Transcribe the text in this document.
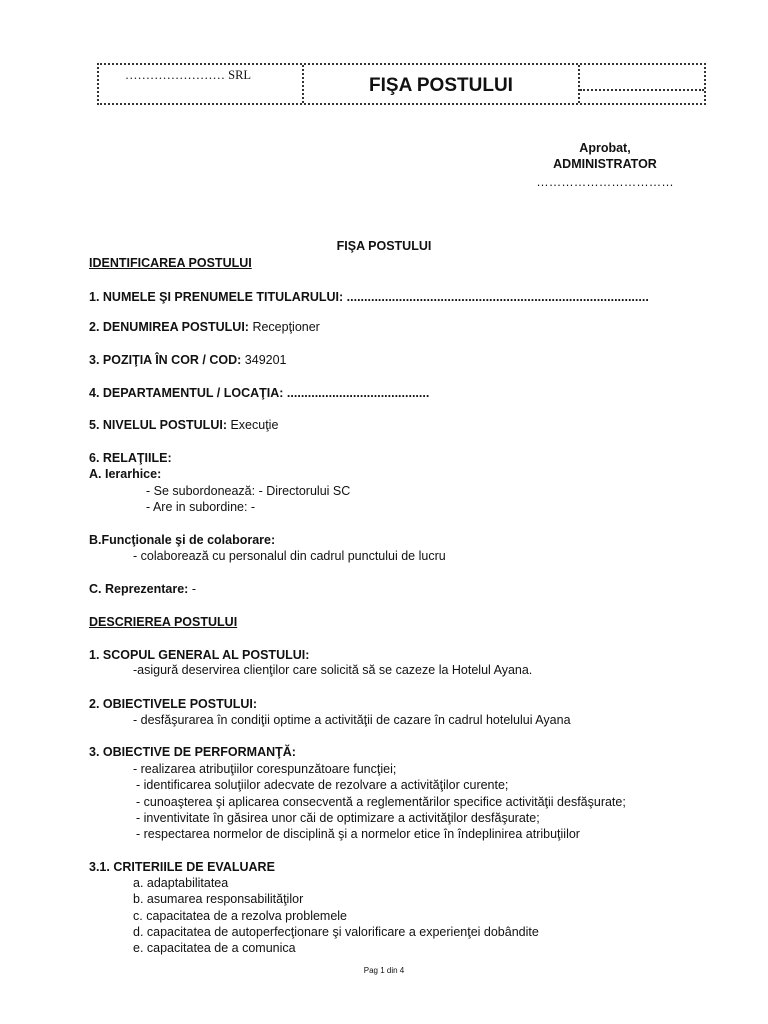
…………………… SRL	FIŞA POSTULUI
Aprobat,
ADMINISTRATOR
……………………………
FIŞA POSTULUI
IDENTIFICAREA POSTULUI
1. NUMELE ŞI PRENUMELE TITULARULUI: .......................................................................................
2. DENUMIREA POSTULUI: Recepţioner
3. POZIŢIA ÎN COR / COD: 349201
4. DEPARTAMENTUL / LOCAŢIA: .........................................
5. NIVELUL POSTULUI: Execuţie
6. RELAŢIILE:
A. Ierarhice:
- Se subordonează: - Directorului SC
- Are in subordine: -
B.Funcţionale şi de colaborare:
- colaborează cu personalul din cadrul punctului de lucru
C. Reprezentare: -
DESCRIEREA POSTULUI
1. SCOPUL GENERAL AL POSTULUI:
-asigură deservirea clienţilor care solicită să se cazeze la Hotelul Ayana.
2. OBIECTIVELE POSTULUI:
- desfăşurarea în condiţii optime a activităţii de cazare în cadrul hotelului Ayana
3. OBIECTIVE DE PERFORMANŢĂ:
- realizarea atribuţiilor corespunzătoare funcţiei;
- identificarea soluţiilor adecvate de rezolvare a activităţilor curente;
- cunoaşterea şi aplicarea consecventă a reglementărilor specifice activităţii desfăşurate;
- inventivitate în găsirea unor căi de optimizare a activităţilor desfăşurate;
- respectarea normelor de disciplină şi a normelor etice în îndeplinirea atribuţiilor
3.1. CRITERIILE DE EVALUARE
a. adaptabilitatea
b. asumarea responsabilităţilor
c. capacitatea de a rezolva problemele
d. capacitatea de autoperfecţionare şi valorificare a experienţei dobândite
e. capacitatea de a comunica
Pag 1 din 4
